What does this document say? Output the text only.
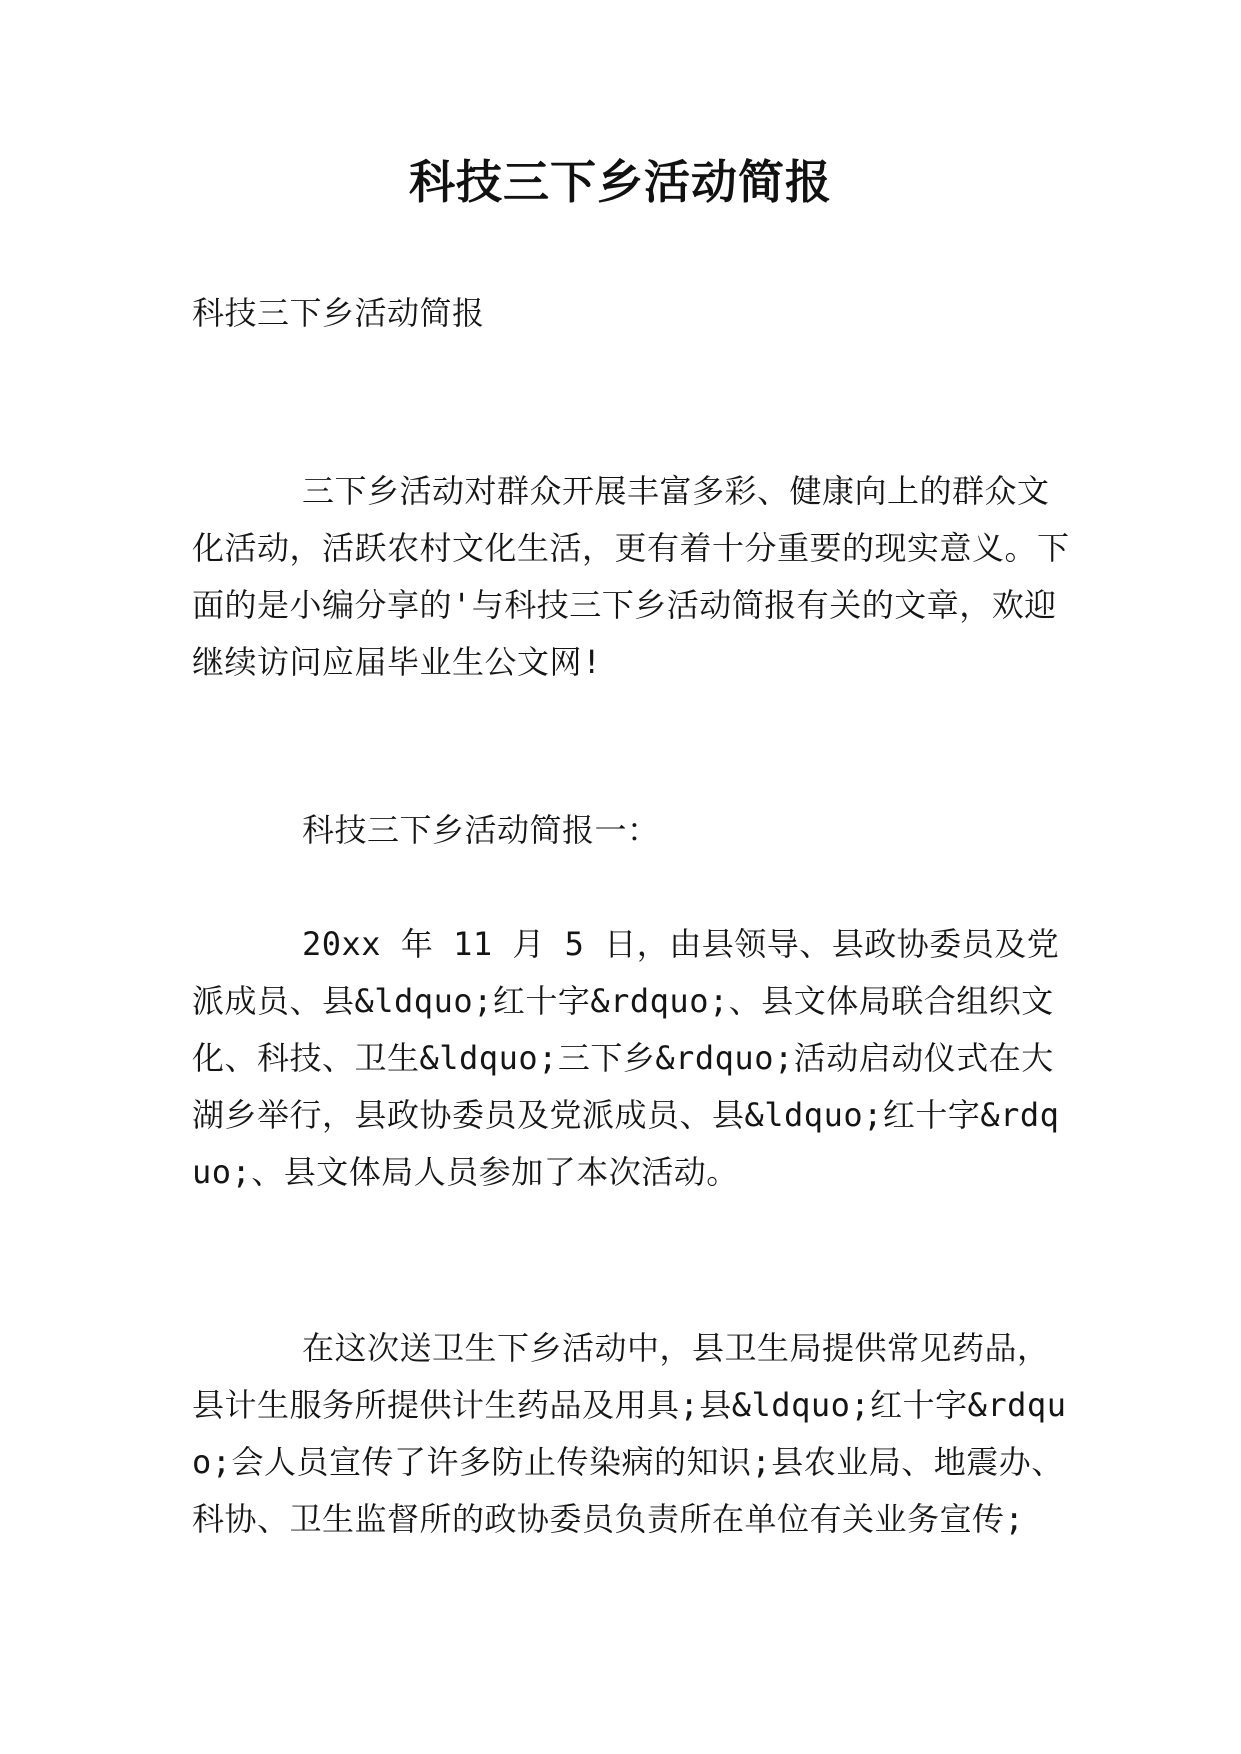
科技三下乡活动简报
科技三下乡活动简报
三下乡活动对群众开展丰富多彩、健康向上的群众文化活动，活跃农村文化生活，更有着十分重要的现实意义。下面的是小编分享的'与科技三下乡活动简报有关的文章，欢迎继续访问应届毕业生公文网!
科技三下乡活动简报一：
20xx 年 11 月 5 日，由县领导、县政协委员及党派成员、县&ldquo;红十字&rdquo;、县文体局联合组织文化、科技、卫生&ldquo;三下乡&rdquo;活动启动仪式在大湖乡举行，县政协委员及党派成员、县&ldquo;红十字&rdquo;、县文体局人员参加了本次活动。
在这次送卫生下乡活动中，县卫生局提供常见药品，县计生服务所提供计生药品及用具;县&ldquo;红十字&rdquo;会人员宣传了许多防止传染病的知识;县农业局、地震办、科协、卫生监督所的政协委员负责所在单位有关业务宣传;
